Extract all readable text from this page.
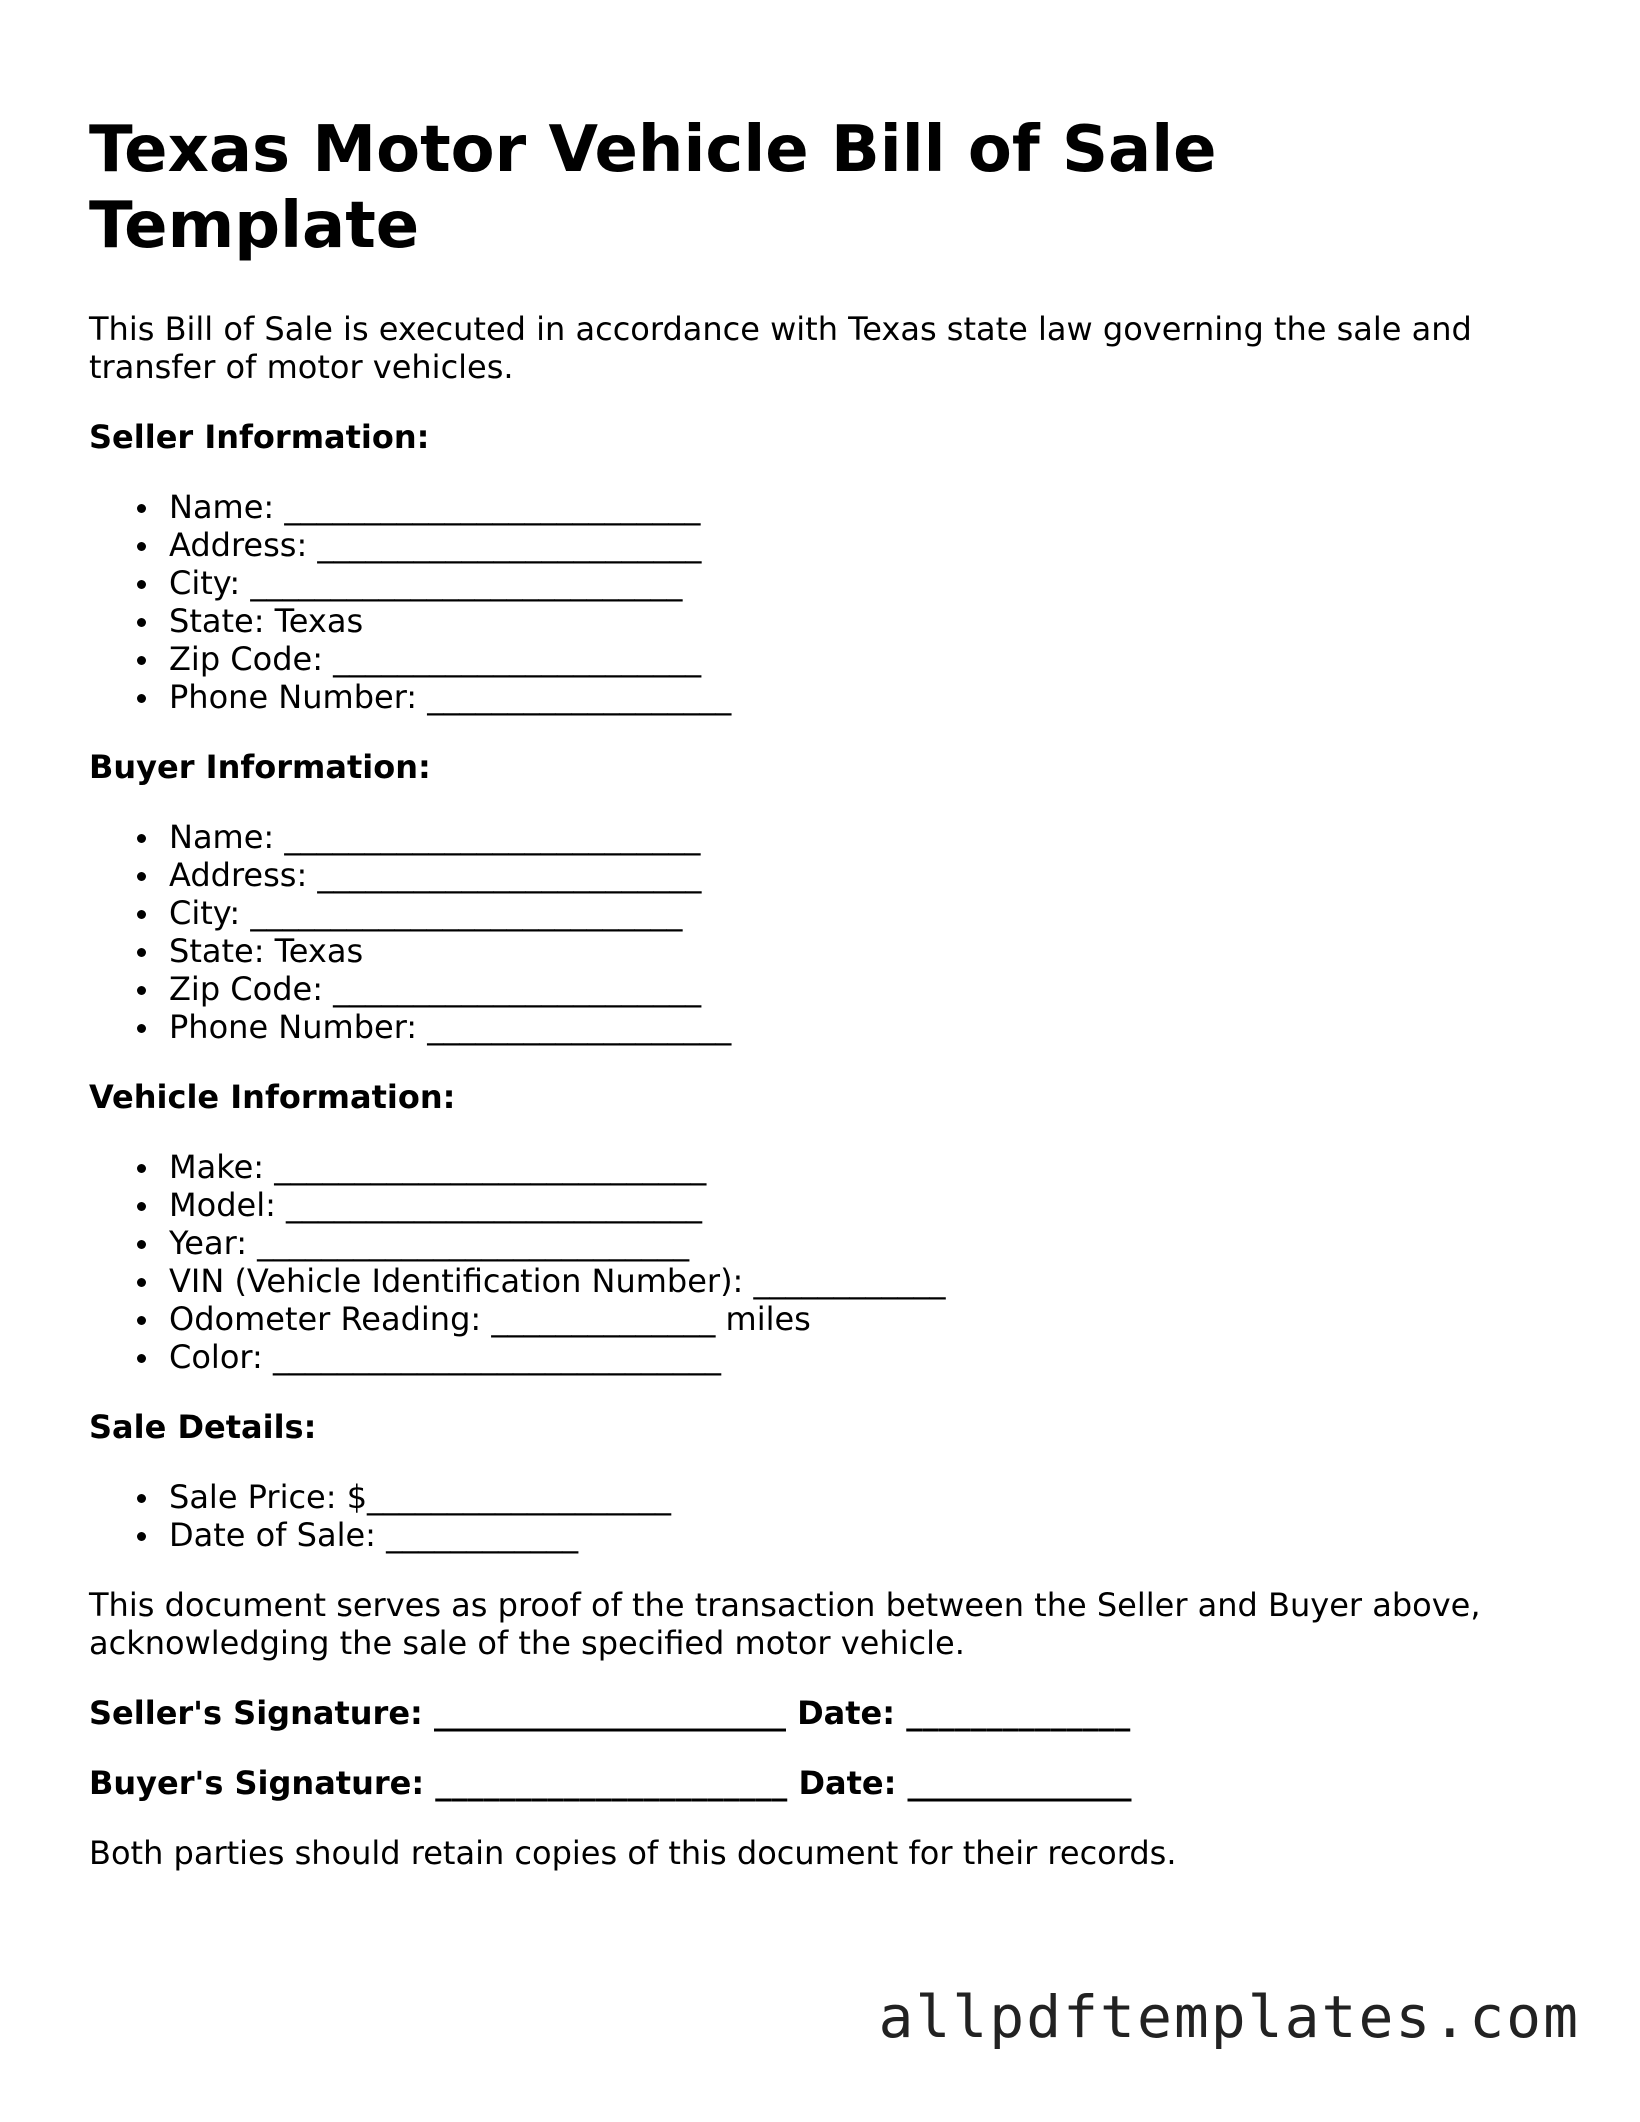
Texas Motor Vehicle Bill of Sale Template

This Bill of Sale is executed in accordance with Texas state law governing the sale and transfer of motor vehicles.

Seller Information:
Name: __________________________
Address: ________________________
City: ___________________________
State: Texas
Zip Code: _______________________
Phone Number: ___________________
Buyer Information:
Name: __________________________
Address: ________________________
City: ___________________________
State: Texas
Zip Code: _______________________
Phone Number: ___________________
Vehicle Information:
Make: ___________________________
Model: __________________________
Year: ___________________________
VIN (Vehicle Identification Number): ____________
Odometer Reading: ______________ miles
Color: ____________________________
Sale Details:
Sale Price: $___________________
Date of Sale: ____________

This document serves as proof of the transaction between the Seller and Buyer above, acknowledging the sale of the specified motor vehicle.

Seller's Signature: ______________________ Date: ______________
Buyer's Signature: ______________________ Date: ______________

Both parties should retain copies of this document for their records.

allpdftemplates.com
